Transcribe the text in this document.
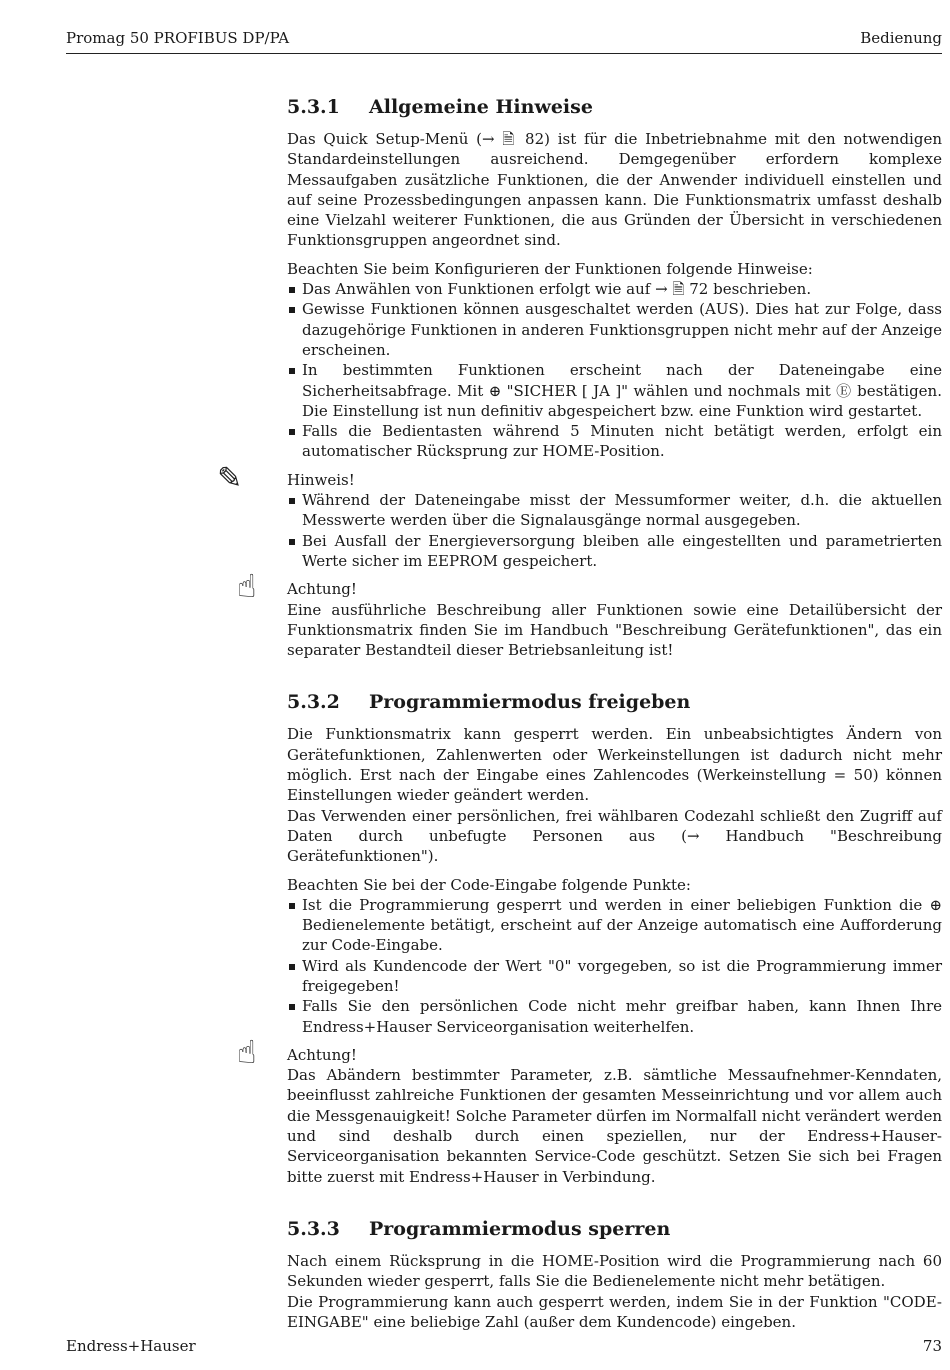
Promag 50 PROFIBUS DP/PA	Bedienung
5.3.1 Allgemeine Hinweise

Das Quick Setup-Menü (→ 🗎 82) ist für die Inbetriebnahme mit den notwendigen Standardeinstellungen ausreichend. Demgegenüber erfordern komplexe Messaufgaben zusätzliche Funktionen, die der Anwender individuell einstellen und auf seine Prozessbedingungen anpassen kann. Die Funktionsmatrix umfasst deshalb eine Vielzahl weiterer Funktionen, die aus Gründen der Übersicht in verschiedenen Funktionsgruppen angeordnet sind.

Beachten Sie beim Konfigurieren der Funktionen folgende Hinweise:

Das Anwählen von Funktionen erfolgt wie auf → 🗎 72 beschrieben.
Gewisse Funktionen können ausgeschaltet werden (AUS). Dies hat zur Folge, dass dazugehörige Funktionen in anderen Funktionsgruppen nicht mehr auf der Anzeige erscheinen.
In bestimmten Funktionen erscheint nach der Dateneingabe eine Sicherheitsabfrage. Mit ⊕ "SICHER [ JA ]" wählen und nochmals mit Ⓔ bestätigen. Die Einstellung ist nun definitiv abgespeichert bzw. eine Funktion wird gestartet.
Falls die Bedientasten während 5 Minuten nicht betätigt werden, erfolgt ein automatischer Rücksprung zur HOME-Position.
✎	Hinweis!

Während der Dateneingabe misst der Messumformer weiter, d.h. die aktuellen Messwerte werden über die Signalausgänge normal ausgegeben.
Bei Ausfall der Energieversorgung bleiben alle eingestellten und parametrierten Werte sicher im EEPROM gespeichert.
☝ Achtung!

Eine ausführliche Beschreibung aller Funktionen sowie eine Detailübersicht der Funktionsmatrix finden Sie im Handbuch "Beschreibung Gerätefunktionen", das ein separater Bestandteil dieser Betriebsanleitung ist!

5.3.2 Programmiermodus freigeben

Die Funktionsmatrix kann gesperrt werden. Ein unbeabsichtigtes Ändern von Gerätefunktionen, Zahlenwerten oder Werkeinstellungen ist dadurch nicht mehr möglich. Erst nach der Eingabe eines Zahlencodes (Werkeinstellung = 50) können Einstellungen wieder geändert werden.

Das Verwenden einer persönlichen, frei wählbaren Codezahl schließt den Zugriff auf Daten durch unbefugte Personen aus (→ Handbuch "Beschreibung Gerätefunktionen").

Beachten Sie bei der Code-Eingabe folgende Punkte:

Ist die Programmierung gesperrt und werden in einer beliebigen Funktion die ⊕ Bedienelemente betätigt, erscheint auf der Anzeige automatisch eine Aufforderung zur Code-Eingabe.
Wird als Kundencode der Wert "0" vorgegeben, so ist die Programmierung immer freigegeben!
Falls Sie den persönlichen Code nicht mehr greifbar haben, kann Ihnen Ihre Endress+Hauser Serviceorganisation weiterhelfen.
☝ Achtung!

Das Abändern bestimmter Parameter, z.B. sämtliche Messaufnehmer-Kenndaten, beeinflusst zahlreiche Funktionen der gesamten Messeinrichtung und vor allem auch die Messgenauigkeit! Solche Parameter dürfen im Normalfall nicht verändert werden und sind deshalb durch einen speziellen, nur der Endress+Hauser-Serviceorganisation bekannten Service-Code geschützt. Setzen Sie sich bei Fragen bitte zuerst mit Endress+Hauser in Verbindung.

5.3.3 Programmiermodus sperren

Nach einem Rücksprung in die HOME-Position wird die Programmierung nach 60 Sekunden wieder gesperrt, falls Sie die Bedienelemente nicht mehr betätigen.

Die Programmierung kann auch gesperrt werden, indem Sie in der Funktion "CODE-EINGABE" eine beliebige Zahl (außer dem Kundencode) eingeben.

Endress+Hauser	73
